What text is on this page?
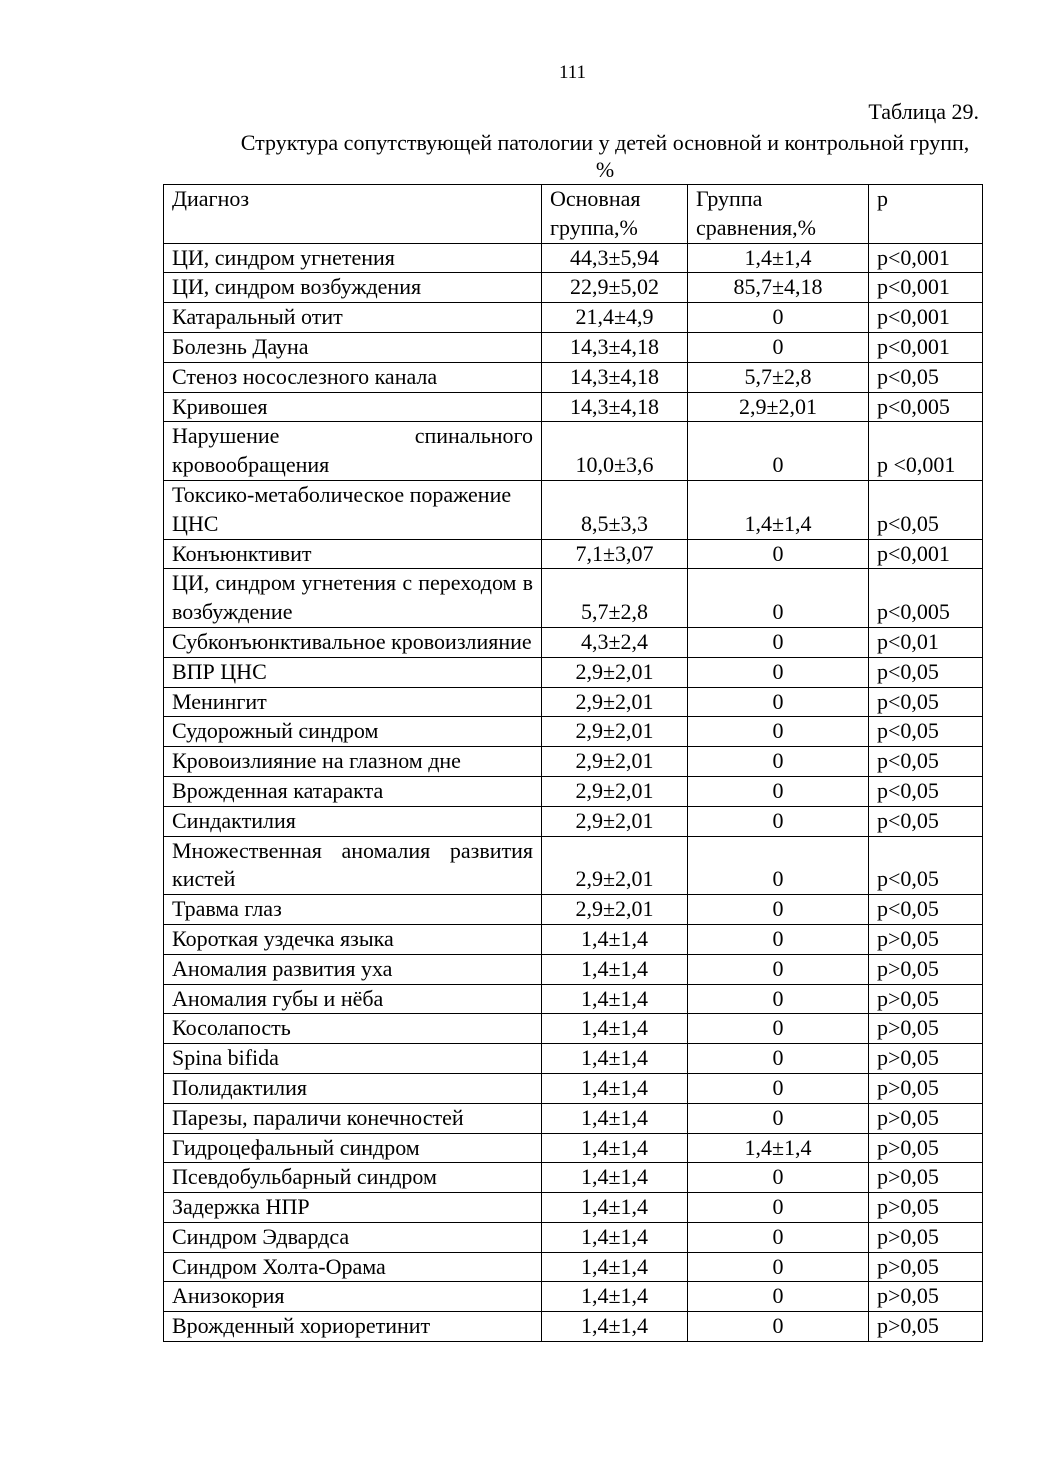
111
Таблица 29.
Структура сопутствующей патологии у детей основной и контрольной групп, %
Диагноз	Основная группа,%	Группа сравнения,%	р
ЦИ, синдром угнетения	44,3±5,94	1,4±1,4	p<0,001
ЦИ, синдром возбуждения	22,9±5,02	85,7±4,18	p<0,001
Катаральный отит	21,4±4,9	0	p<0,001
Болезнь Дауна	14,3±4,18	0	p<0,001
Стеноз носослезного канала	14,3±4,18	5,7±2,8	p<0,05
Кривошея	14,3±4,18	2,9±2,01	p<0,005
Нарушение спинального кровообращения	10,0±3,6	0	p <0,001
Токсико-метаболическое поражение ЦНС	8,5±3,3	1,4±1,4	p<0,05
Конъюнктивит	7,1±3,07	0	p<0,001
ЦИ, синдром угнетения с переходом в возбуждение	5,7±2,8	0	p<0,005
Субконъюнктивальное кровоизлияние	4,3±2,4	0	p<0,01
ВПР ЦНС	2,9±2,01	0	p<0,05
Менингит	2,9±2,01	0	p<0,05
Судорожный синдром	2,9±2,01	0	p<0,05
Кровоизлияние на глазном дне	2,9±2,01	0	p<0,05
Врожденная катаракта	2,9±2,01	0	p<0,05
Синдактилия	2,9±2,01	0	p<0,05
Множественная аномалия развития кистей	2,9±2,01	0	p<0,05
Травма глаз	2,9±2,01	0	p<0,05
Короткая уздечка языка	1,4±1,4	0	p>0,05
Аномалия развития уха	1,4±1,4	0	p>0,05
Аномалия губы и нёба	1,4±1,4	0	p>0,05
Косолапость	1,4±1,4	0	p>0,05
Spina bifida	1,4±1,4	0	p>0,05
Полидактилия	1,4±1,4	0	p>0,05
Парезы, параличи конечностей	1,4±1,4	0	p>0,05
Гидроцефальный синдром	1,4±1,4	1,4±1,4	p>0,05
Псевдобульбарный синдром	1,4±1,4	0	p>0,05
Задержка НПР	1,4±1,4	0	p>0,05
Синдром Эдвардса	1,4±1,4	0	p>0,05
Синдром Холта-Орама	1,4±1,4	0	p>0,05
Анизокория	1,4±1,4	0	p>0,05
Врожденный хориоретинит	1,4±1,4	0	p>0,05
